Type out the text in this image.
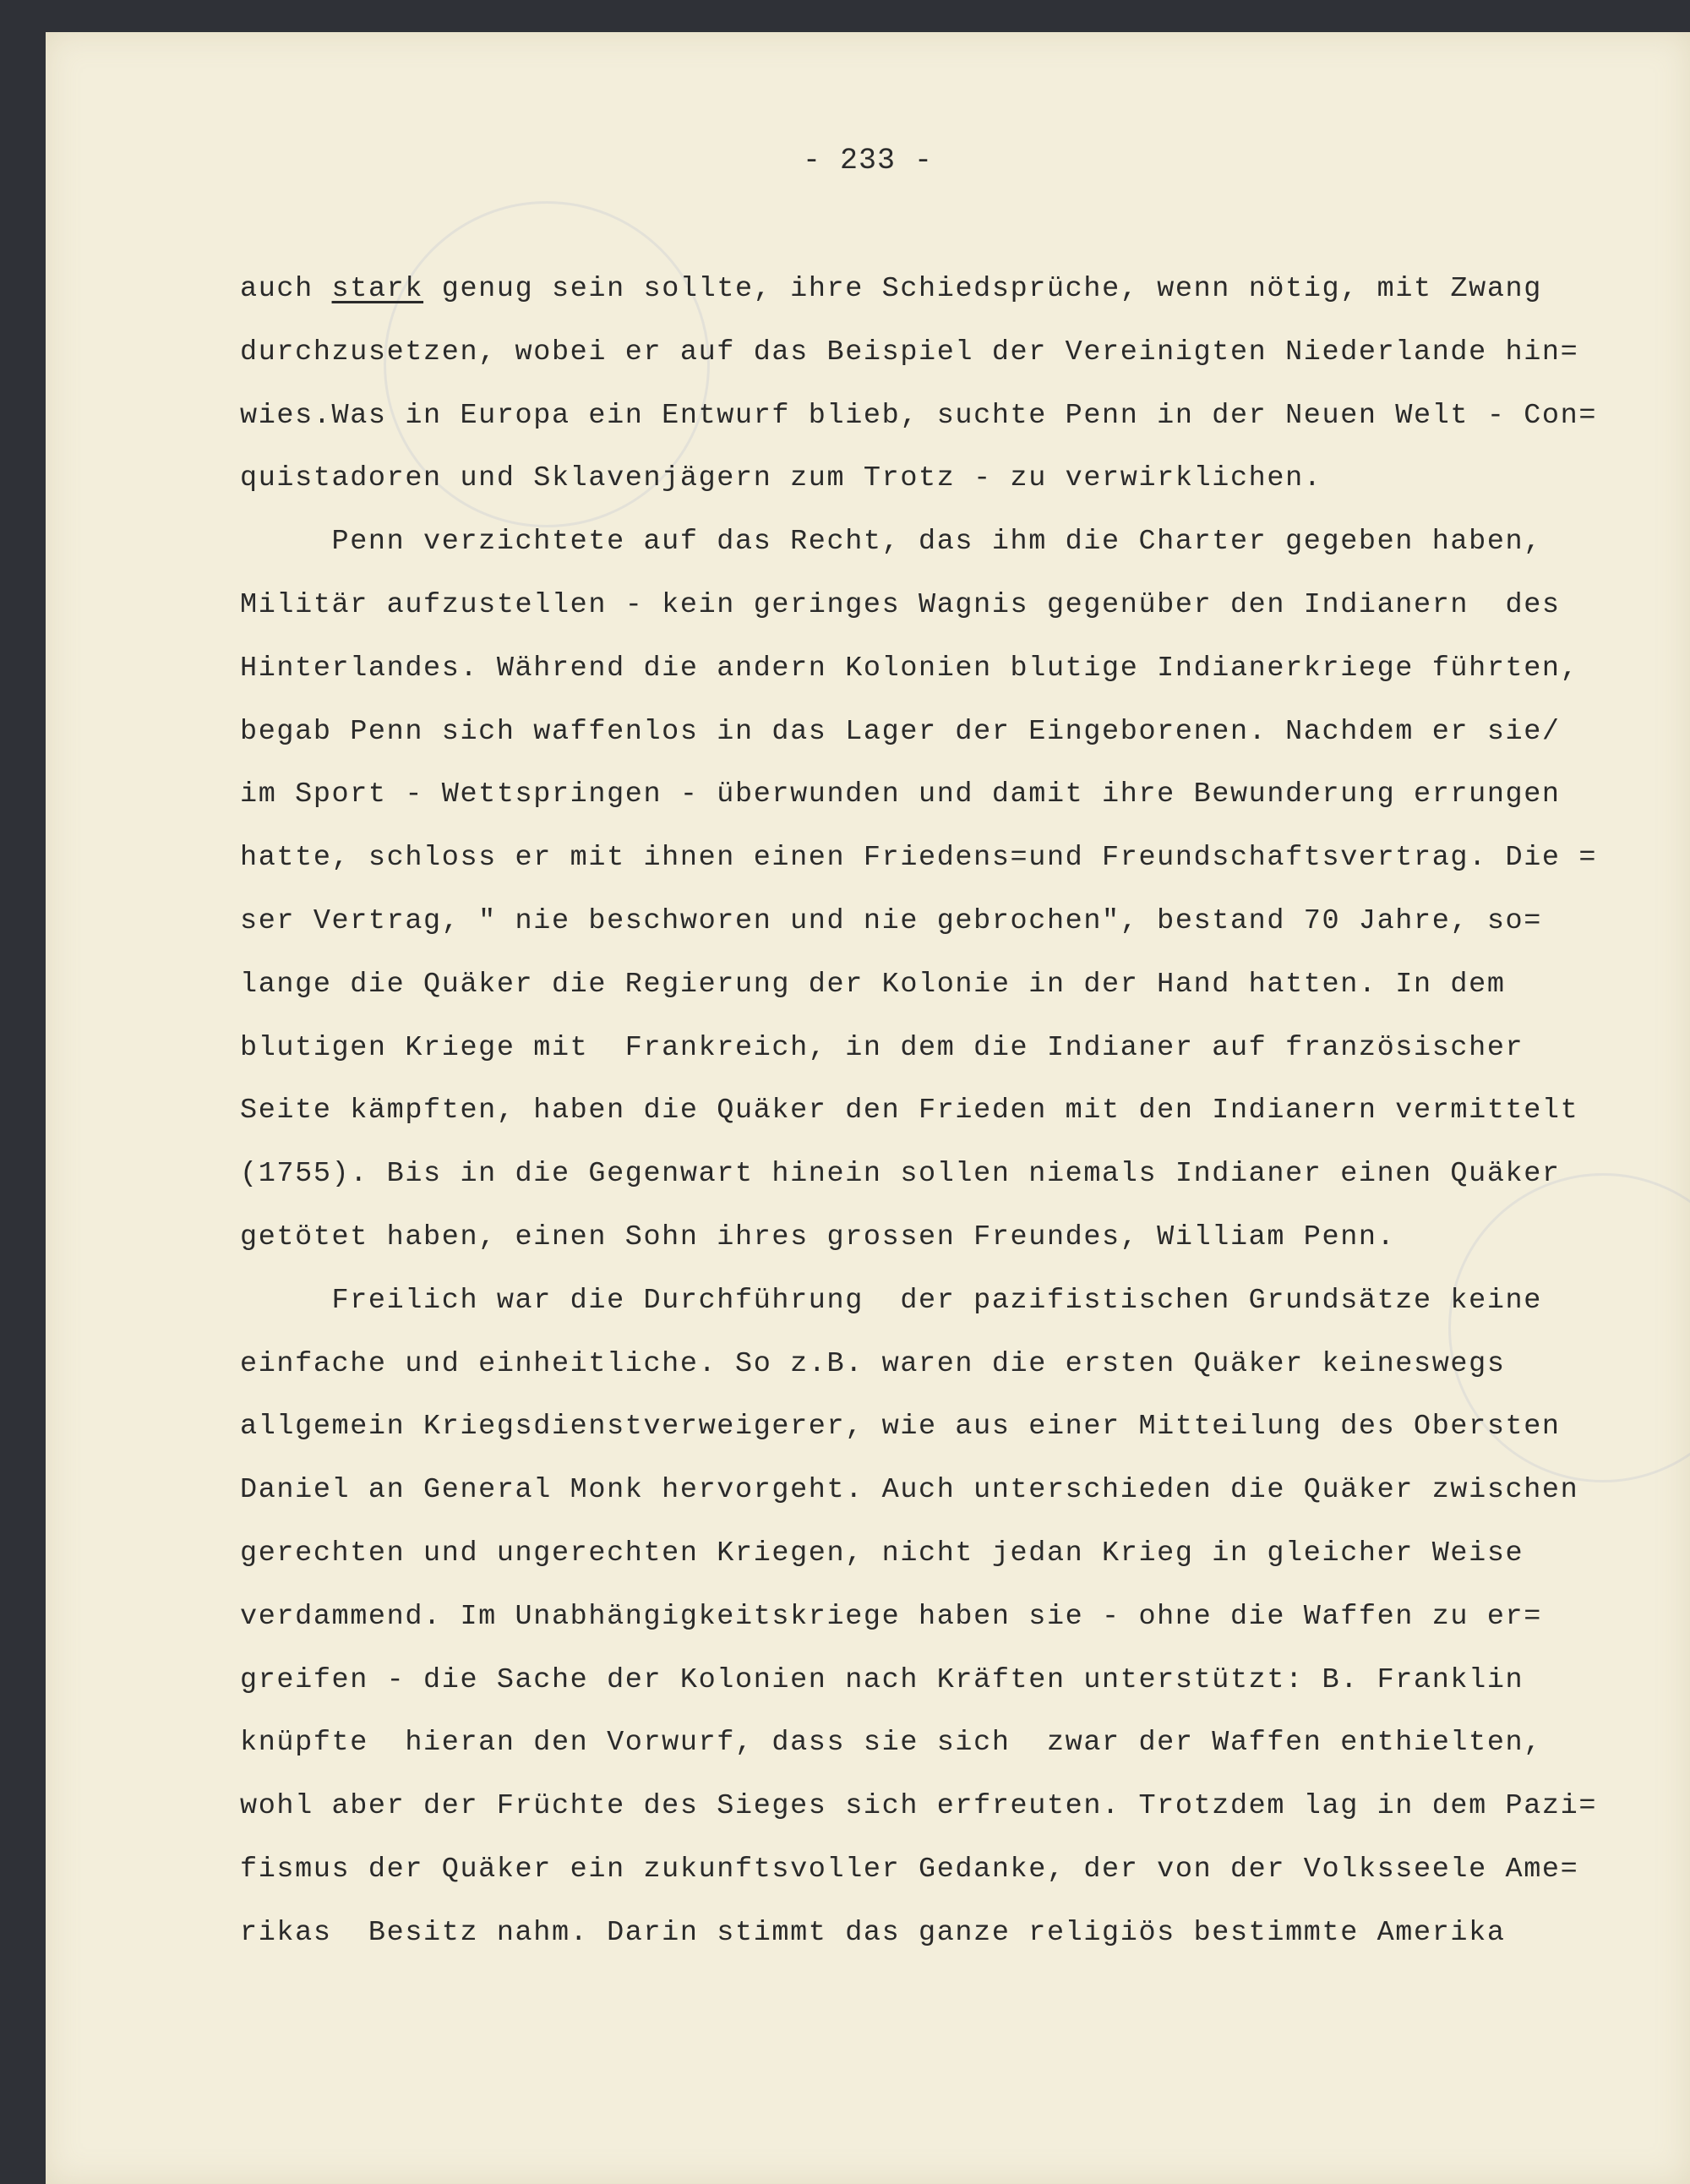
- 233 -
auch stark genug sein sollte, ihre Schiedsprüche, wenn nötig, mit Zwang
durchzusetzen, wobei er auf das Beispiel der Vereinigten Niederlande hin=
wies.Was in Europa ein Entwurf blieb, suchte Penn in der Neuen Welt - Con=
quistadoren und Sklavenjägern zum Trotz - zu verwirklichen.
Penn verzichtete auf das Recht, das ihm die Charter gegeben haben,
Militär aufzustellen - kein geringes Wagnis gegenüber den Indianern  des
Hinterlandes. Während die andern Kolonien blutige Indianerkriege führten,
begab Penn sich waffenlos in das Lager der Eingeborenen. Nachdem er sie/
im Sport - Wettspringen - überwunden und damit ihre Bewunderung errungen
hatte, schloss er mit ihnen einen Friedens=und Freundschaftsvertrag. Die =
ser Vertrag, " nie beschworen und nie gebrochen", bestand 70 Jahre, so=
lange die Quäker die Regierung der Kolonie in der Hand hatten. In dem
blutigen Kriege mit  Frankreich, in dem die Indianer auf französischer
Seite kämpften, haben die Quäker den Frieden mit den Indianern vermittelt
(1755). Bis in die Gegenwart hinein sollen niemals Indianer einen Quäker
getötet haben, einen Sohn ihres grossen Freundes, William Penn.
Freilich war die Durchführung  der pazifistischen Grundsätze keine
einfache und einheitliche. So z.B. waren die ersten Quäker keineswegs
allgemein Kriegsdienstverweigerer, wie aus einer Mitteilung des Obersten
Daniel an General Monk hervorgeht. Auch unterschieden die Quäker zwischen
gerechten und ungerechten Kriegen, nicht jedan Krieg in gleicher Weise
verdammend. Im Unabhängigkeitskriege haben sie - ohne die Waffen zu er=
greifen - die Sache der Kolonien nach Kräften unterstützt: B. Franklin
knüpfte  hieran den Vorwurf, dass sie sich  zwar der Waffen enthielten,
wohl aber der Früchte des Sieges sich erfreuten. Trotzdem lag in dem Pazi=
fismus der Quäker ein zukunftsvoller Gedanke, der von der Volksseele Ame=
rikas  Besitz nahm. Darin stimmt das ganze religiös bestimmte Amerika
